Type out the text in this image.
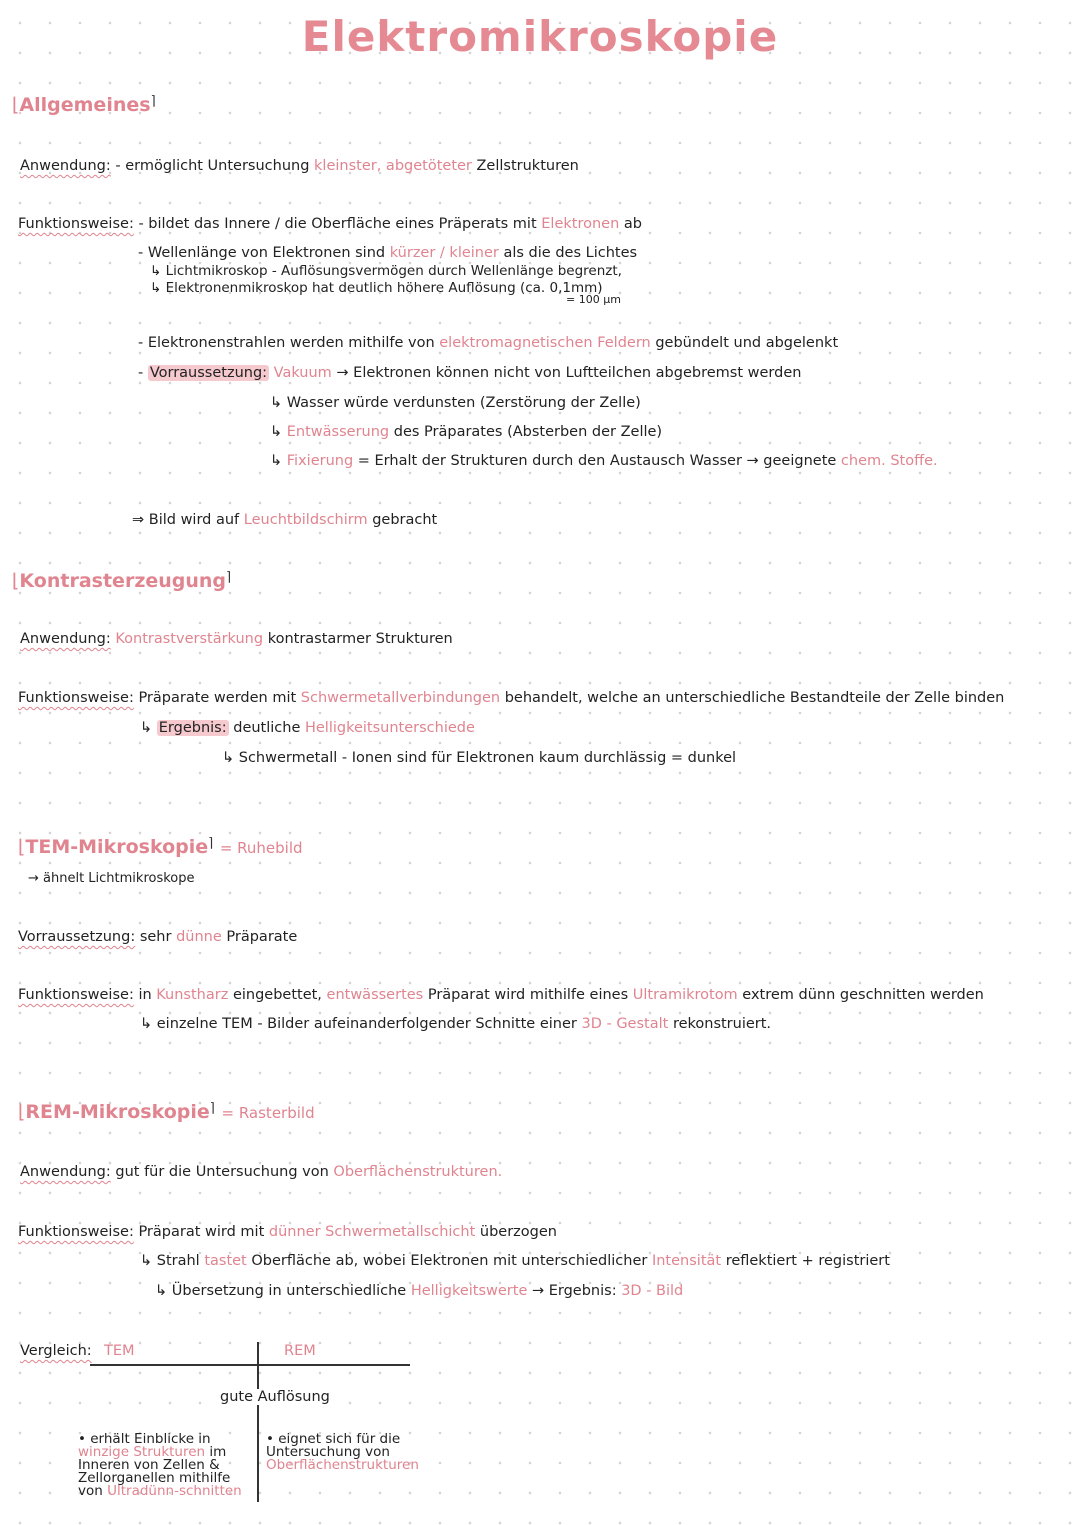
Elektromikroskopie
⌊Allgemeines⌉
Anwendung: - ermöglicht Untersuchung kleinster, abgetöteter Zellstrukturen
Funktionsweise: - bildet das Innere / die Oberfläche eines Präperats mit Elektronen ab
- Wellenlänge von Elektronen sind kürzer / kleiner als die des Lichtes
↳ Lichtmikroskop - Auflösungsvermögen durch Wellenlänge begrenzt,
↳ Elektronenmikroskop hat deutlich höhere Auflösung (ca. 0,1mm)
= 100 µm
- Elektronenstrahlen werden mithilfe von elektromagnetischen Feldern gebündelt und abgelenkt
- Vorraussetzung: Vakuum → Elektronen können nicht von Luftteilchen abgebremst werden
↳ Wasser würde verdunsten (Zerstörung der Zelle)
↳ Entwässerung des Präparates (Absterben der Zelle)
↳ Fixierung = Erhalt der Strukturen durch den Austausch Wasser → geeignete chem. Stoffe.
⇒ Bild wird auf Leuchtbildschirm gebracht
⌊Kontrasterzeugung⌉
Anwendung: Kontrastverstärkung kontrastarmer Strukturen
Funktionsweise: Präparate werden mit Schwermetallverbindungen behandelt, welche an unterschiedliche Bestandteile der Zelle binden
↳ Ergebnis: deutliche Helligkeitsunterschiede
↳ Schwermetall - Ionen sind für Elektronen kaum durchlässig = dunkel
⌊TEM-Mikroskopie⌉ = Ruhebild
→ ähnelt Lichtmikroskope
Vorraussetzung: sehr dünne Präparate
Funktionsweise: in Kunstharz eingebettet, entwässertes Präparat wird mithilfe eines Ultramikrotom extrem dünn geschnitten werden
↳ einzelne TEM - Bilder aufeinanderfolgender Schnitte einer 3D - Gestalt rekonstruiert.
⌊REM-Mikroskopie⌉ = Rasterbild
Anwendung: gut für die Untersuchung von Oberflächenstrukturen.
Funktionsweise: Präparat wird mit dünner Schwermetallschicht überzogen
↳ Strahl tastet Oberfläche ab, wobei Elektronen mit unterschiedlicher Intensität reflektiert + registriert
↳ Übersetzung in unterschiedliche Helligkeitswerte → Ergebnis: 3D - Bild
Vergleich: TEM	REM
gute Auflösung
• erhält Einblicke in winzige Strukturen im Inneren von Zellen & Zellorganellen mithilfe von Ultradünn-schnitten
• eignet sich für die Untersuchung von Oberflächenstrukturen
